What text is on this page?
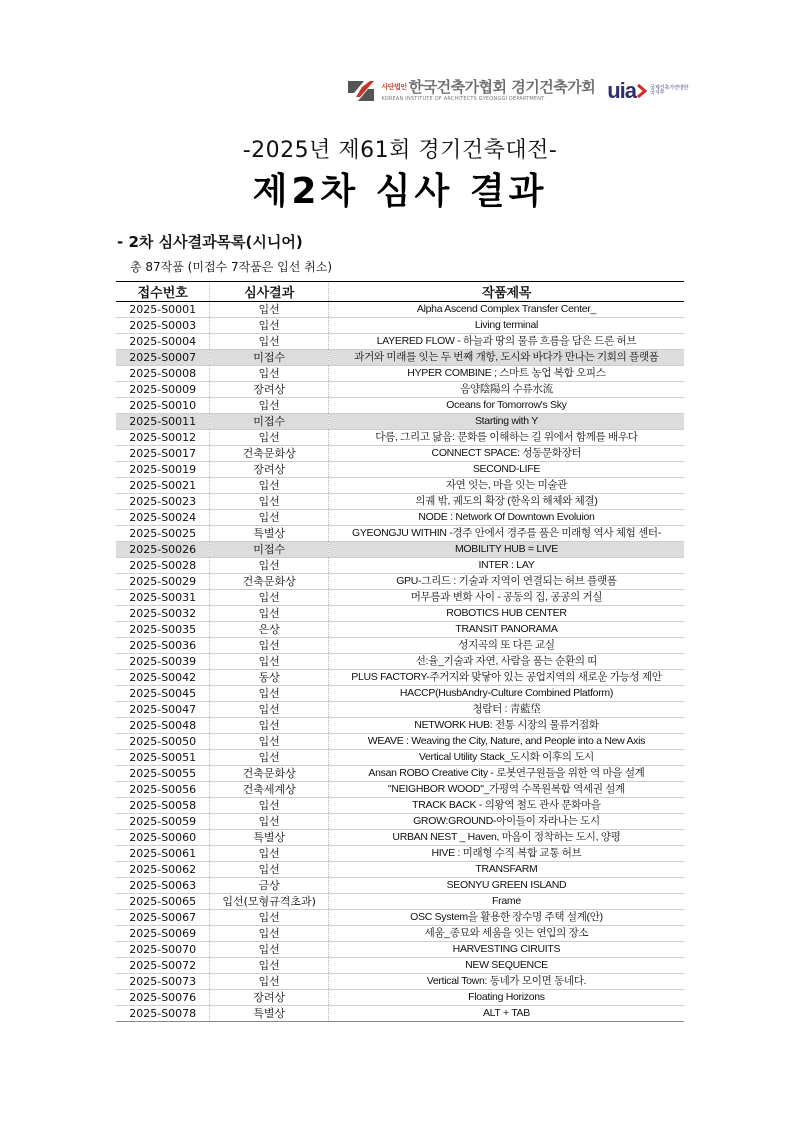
사단법인 한국건축가협회 경기건축가회
KOREAN INSTITUTE OF ARCHITECTS GYEONGGI DEPARTMENT	uia	국제건축가연맹한국지부
-2025년 제61회 경기건축대전-
제2차 심사 결과
- 2차 심사결과목록(시니어)
총 87작품 (미접수 7작품은 입선 취소)
접수번호	심사결과	작품제목
2025-S0001	입선	Alpha Ascend Complex Transfer Center_
2025-S0003	입선	Living terminal
2025-S0004	입선	LAYERED FLOW - 하늘과 땅의 물류 흐름을 담은 드론 허브
2025-S0007	미접수	과거와 미래를 잇는 두 번째 개항, 도시와 바다가 만나는 기회의 플랫폼
2025-S0008	입선	HYPER COMBINE ; 스마트 농업 복합 오피스
2025-S0009	장려상	음양陰陽의 수류水流
2025-S0010	입선	Oceans for Tomorrow's Sky
2025-S0011	미접수	Starting with Y
2025-S0012	입선	다름, 그리고 닮음: 문화를 이해하는 길 위에서 함께를 배우다
2025-S0017	건축문화상	CONNECT SPACE: 성동문화장터
2025-S0019	장려상	SECOND-LIFE
2025-S0021	입선	자연 잇는, 마을 잇는 미술관
2025-S0023	입선	의궤 밖, 궤도의 확장 (한옥의 해체와 체결)
2025-S0024	입선	NODE : Network Of Downtown Evoluion
2025-S0025	특별상	GYEONGJU WITHIN -경주 안에서 경주를 품은 미래형 역사 체험 센터-
2025-S0026	미접수	MOBILITY HUB = LIVE
2025-S0028	입선	INTER : LAY
2025-S0029	건축문화상	GPU-그리드 : 기술과 지역이 연결되는 허브 플랫폼
2025-S0031	입선	머무름과 변화 사이 - 공동의 집, 공공의 거실
2025-S0032	입선	ROBOTICS HUB CENTER
2025-S0035	은상	TRANSIT PANORAMA
2025-S0036	입선	성지곡의 또 다른 교실
2025-S0039	입선	선:율_기술과 자연, 사람을 품는 순환의 띠
2025-S0042	동상	PLUS FACTORY-주거지와 맞닿아 있는 공업지역의 새로운 가능성 제안
2025-S0045	입선	HACCP(HusbAndry-Culture Combined Platform)
2025-S0047	입선	청람터 : 靑藍垈
2025-S0048	입선	NETWORK HUB: 전통 시장의 물류거점화
2025-S0050	입선	WEAVE : Weaving the City, Nature, and People into a New Axis
2025-S0051	입선	Vertical Utility Stack_도시화 이후의 도시
2025-S0055	건축문화상	Ansan ROBO Creative City - 로봇연구원들을 위한 역 마을 설계
2025-S0056	건축세계상	"NEIGHBOR WOOD"_가평역 수목원복합 역세권 설계
2025-S0058	입선	TRACK BACK - 의왕역 철도 관사 문화마을
2025-S0059	입선	GROW:GROUND-아이들이 자라나는 도시
2025-S0060	특별상	URBAN NEST _ Haven, 마음이 정착하는 도시, 양평
2025-S0061	입선	HIVE : 미래형 수직 복합 교통 허브
2025-S0062	입선	TRANSFARM
2025-S0063	금상	SEONYU GREEN ISLAND
2025-S0065	입선(모형규격초과)	Frame
2025-S0067	입선	OSC System을 활용한 장수명 주택 설계(안)
2025-S0069	입선	세움_종묘와 세움을 잇는 연입의 장소
2025-S0070	입선	HARVESTING CIRUITS
2025-S0072	입선	NEW SEQUENCE
2025-S0073	입선	Vertical Town: 동네가 모이면 동네다.
2025-S0076	장려상	Floating Horizons
2025-S0078	특별상	ALT + TAB
